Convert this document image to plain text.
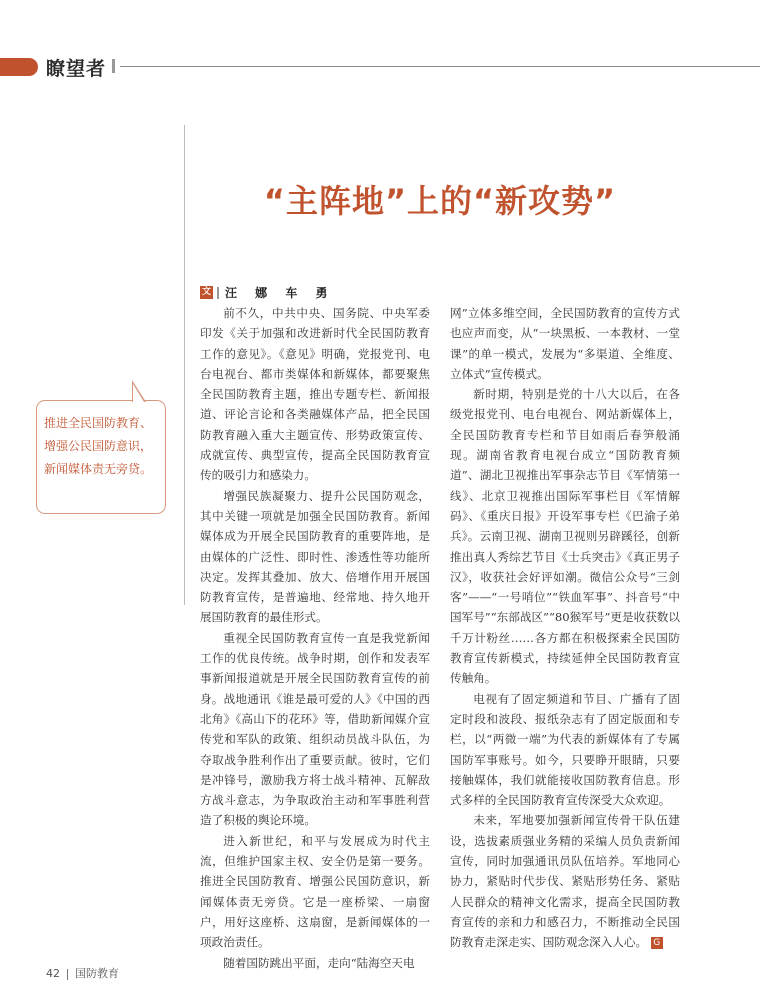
瞭望者
“主阵地”上的“新攻势”
文 汪 娜 车 勇
推进全民国防教育、增强公民国防意识，新闻媒体责无旁贷。

前不久，中共中央、国务院、中央军委印发《关于加强和改进新时代全民国防教育工作的意见》。《意见》明确，党报党刊、电台电视台、都市类媒体和新媒体，都要聚焦全民国防教育主题，推出专题专栏、新闻报道、评论言论和各类融媒体产品，把全民国防教育融入重大主题宣传、形势政策宣传、成就宣传、典型宣传，提高全民国防教育宣传的吸引力和感染力。

增强民族凝聚力、提升公民国防观念，其中关键一项就是加强全民国防教育。新闻媒体成为开展全民国防教育的重要阵地，是由媒体的广泛性、即时性、渗透性等功能所决定。发挥其叠加、放大、倍增作用开展国防教育宣传，是普遍地、经常地、持久地开展国防教育的最佳形式。

重视全民国防教育宣传一直是我党新闻工作的优良传统。战争时期，创作和发表军事新闻报道就是开展全民国防教育宣传的前身。战地通讯《谁是最可爱的人》《中国的西北角》《高山下的花环》等，借助新闻媒介宣传党和军队的政策、组织动员战斗队伍，为夺取战争胜利作出了重要贡献。彼时，它们是冲锋号，激励我方将士战斗精神、瓦解敌方战斗意志，为争取政治主动和军事胜利营造了积极的舆论环境。

进入新世纪，和平与发展成为时代主流，但维护国家主权、安全仍是第一要务。推进全民国防教育、增强公民国防意识，新闻媒体责无旁贷。它是一座桥梁、一扇窗户，用好这座桥、这扇窗，是新闻媒体的一项政治责任。

随着国防跳出平面，走向“陆海空天电

网”立体多维空间，全民国防教育的宣传方式也应声而变，从“一块黑板、一本教材、一堂课”的单一模式，发展为“多渠道、全维度、立体式”宣传模式。

新时期，特别是党的十八大以后，在各级党报党刊、电台电视台、网站新媒体上，全民国防教育专栏和节目如雨后春笋般涌现。湖南省教育电视台成立“国防教育频道”、湖北卫视推出军事杂志节目《军情第一线》、北京卫视推出国际军事栏目《军情解码》、《重庆日报》开设军事专栏《巴渝子弟兵》。云南卫视、湖南卫视则另辟蹊径，创新推出真人秀综艺节目《士兵突击》《真正男子汉》，收获社会好评如潮。微信公众号“三剑客”——“一号哨位”“铁血军事”、抖音号“中国军号”“东部战区”“80猴军号”更是收获数以千万计粉丝……各方都在积极探索全民国防教育宣传新模式，持续延伸全民国防教育宣传触角。

电视有了固定频道和节目、广播有了固定时段和波段、报纸杂志有了固定版面和专栏，以“两微一端”为代表的新媒体有了专属国防军事账号。如今，只要睁开眼睛，只要接触媒体，我们就能接收国防教育信息。形式多样的全民国防教育宣传深受大众欢迎。

未来，军地要加强新闻宣传骨干队伍建设，选拔素质强业务精的采编人员负责新闻宣传，同时加强通讯员队伍培养。军地同心协力，紧贴时代步伐、紧贴形势任务、紧贴人民群众的精神文化需求，提高全民国防教育宣传的亲和力和感召力，不断推动全民国防教育走深走实、国防观念深入人心。 G

42 国防教育
